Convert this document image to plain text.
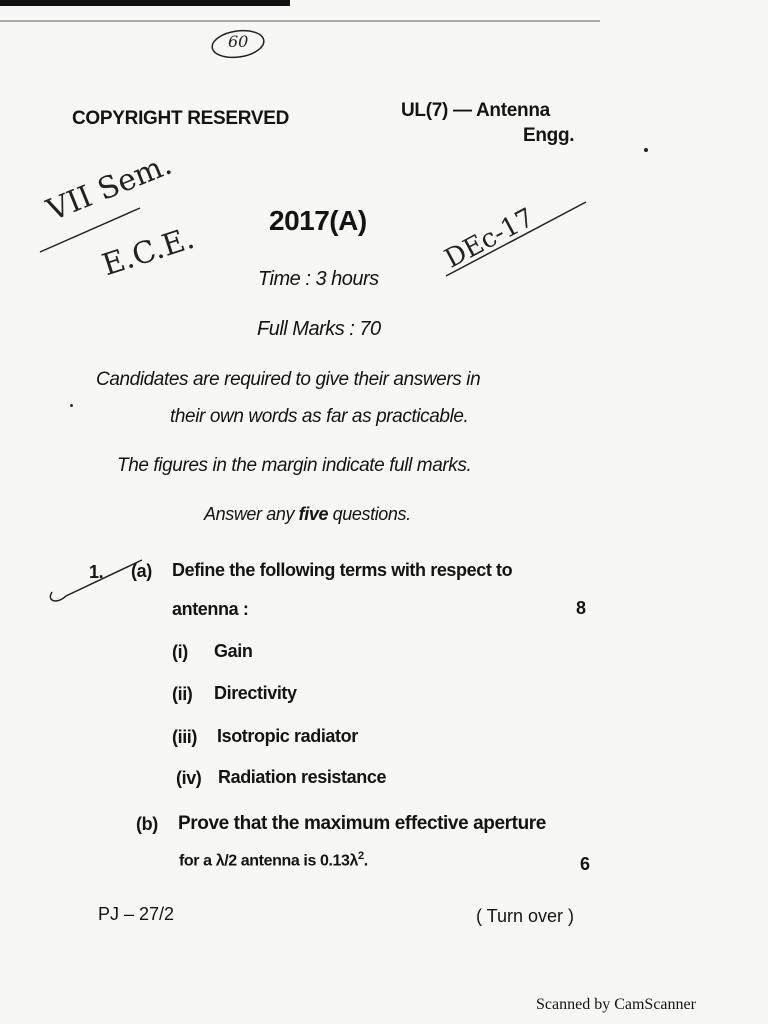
60
COPYRIGHT RESERVED	UL(7) — Antenna
Engg.
VII Sem.
E.C.E.	DEc-17
2017(A)
Time : 3 hours
Full Marks : 70
Candidates are required to give their answers in
their own words as far as practicable.
The figures in the margin indicate full marks.
Answer any five questions.
1. (a) Define the following terms with respect to
antenna :	8
(i) Gain
(ii) Directivity
(iii) Isotropic radiator
(iv) Radiation resistance
(b) Prove that the maximum effective aperture
for a λ/2 antenna is $0.13\lambda^2$.	6
PJ – 27/2	( Turn over )
Scanned by CamScanner
